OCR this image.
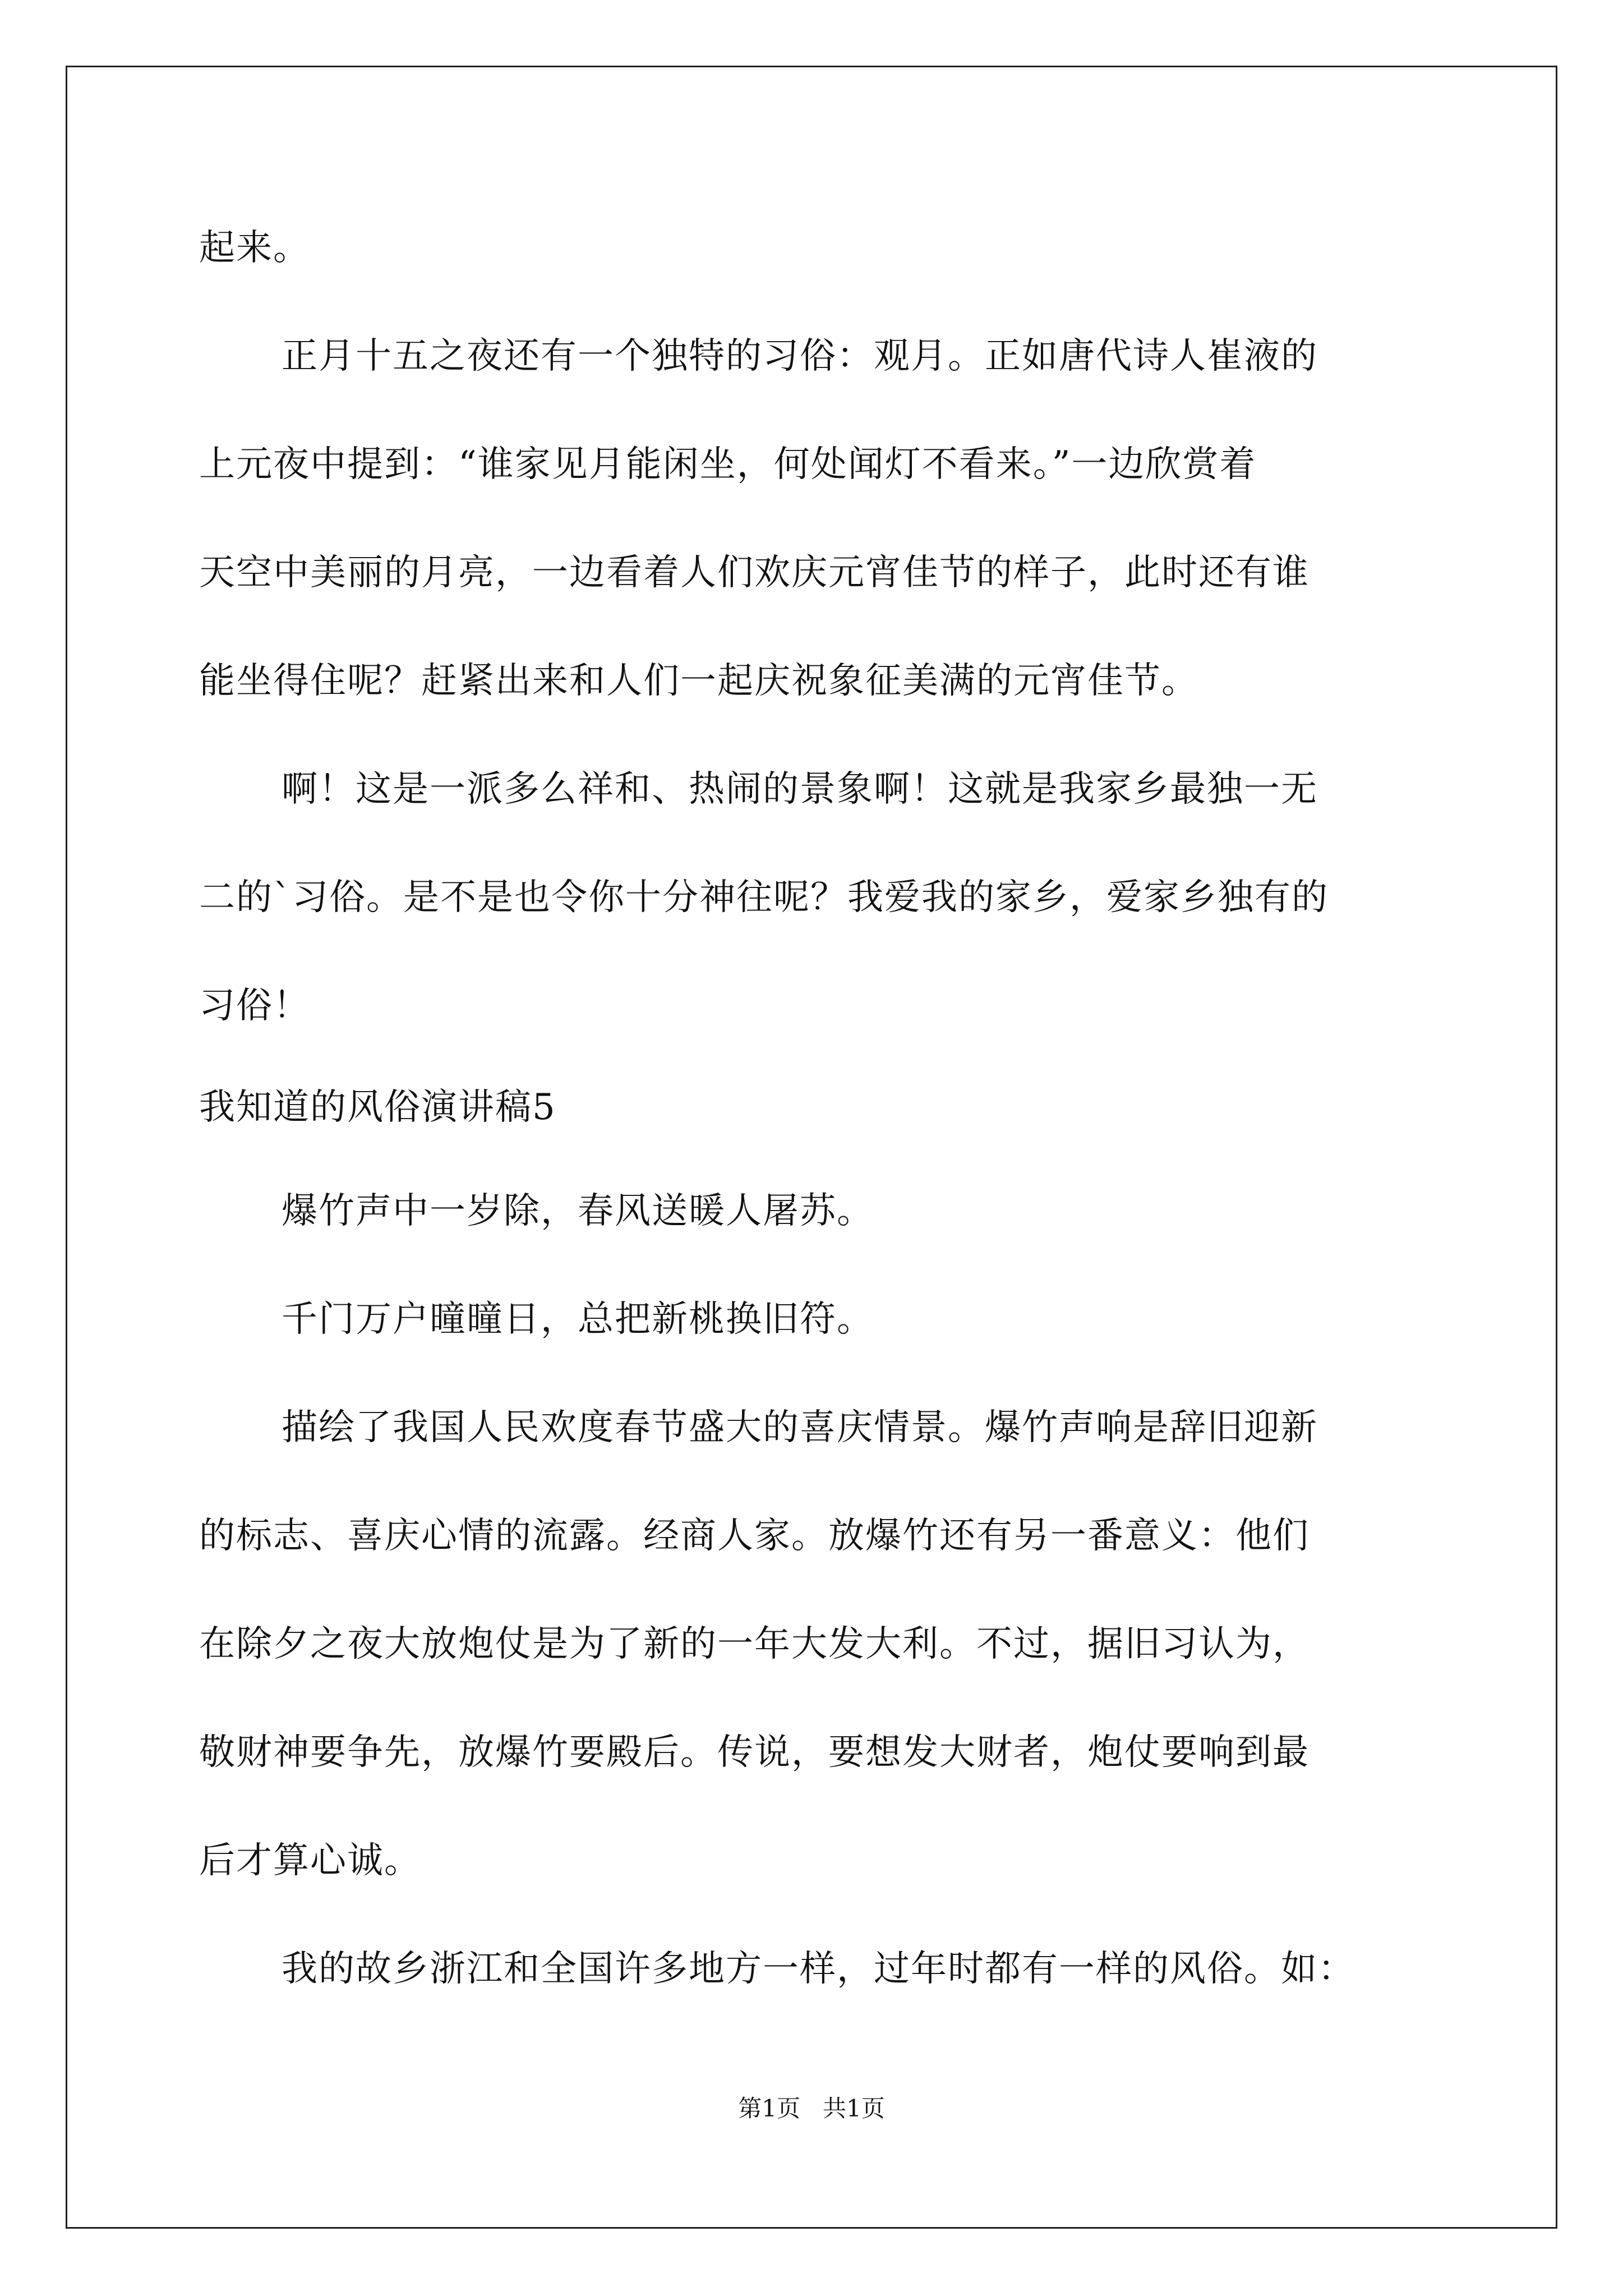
起来。
正月十五之夜还有一个独特的习俗：观月。正如唐代诗人崔液的
上元夜中提到：“谁家见月能闲坐，何处闻灯不看来。”一边欣赏着
天空中美丽的月亮，一边看着人们欢庆元宵佳节的样子，此时还有谁
能坐得住呢？赶紧出来和人们一起庆祝象征美满的元宵佳节。
啊！这是一派多么祥和、热闹的景象啊！这就是我家乡最独一无
二的`习俗。是不是也令你十分神往呢？我爱我的家乡，爱家乡独有的
习俗！
我知道的风俗演讲稿5
爆竹声中一岁除，春风送暖人屠苏。
千门万户曈曈日，总把新桃换旧符。
描绘了我国人民欢度春节盛大的喜庆情景。爆竹声响是辞旧迎新
的标志、喜庆心情的流露。经商人家。放爆竹还有另一番意义：他们
在除夕之夜大放炮仗是为了新的一年大发大利。不过，据旧习认为，
敬财神要争先，放爆竹要殿后。传说，要想发大财者，炮仗要响到最
后才算心诚。
我的故乡浙江和全国许多地方一样，过年时都有一样的风俗。如：
第1页 共1页
